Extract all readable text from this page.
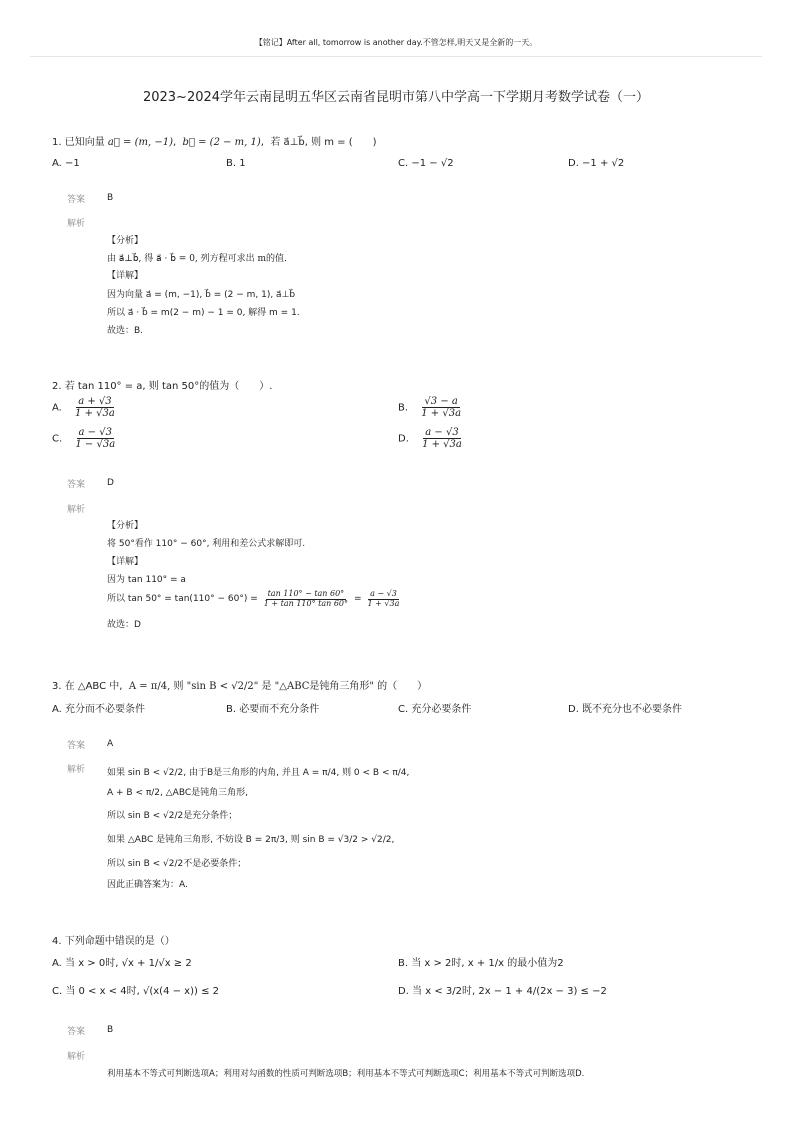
【铭记】After all, tomorrow is another day.不管怎样,明天又是全新的一天。
2023~2024学年云南昆明五华区云南省昆明市第八中学高一下学期月考数学试卷（一）
1. 已知向量 a⃗ = (m, −1),  b⃗ = (2 − m, 1),  若 a⃗⊥b⃗, 则 m = (　　)
A. −1	B. 1	C. −1 − √2	D. −1 + √2
答案 B
解析
【分析】
由 a⃗⊥b⃗, 得 a⃗ · b⃗ = 0, 列方程可求出 m的值.
【详解】
因为向量 a⃗ = (m, −1), b⃗ = (2 − m, 1), a⃗⊥b⃗
所以 a⃗ · b⃗ = m(2 − m) − 1 = 0, 解得 m = 1.
故选：B.
2. 若 tan 110° = a, 则 tan 50°的值为（　　）.
A. $\frac{a + √3}{1 + √3a}$	B. $\frac{√3 - a}{1 + √3a}$
C. $\frac{a - √3}{1 - √3a}$	D. $\frac{a - √3}{1 + √3a}$
答案 D
解析
【分析】
将 50°看作 110° − 60°, 利用和差公式求解即可.
【详解】
因为 tan 110° = a
所以 $\tan 50^\circ = \tan(110^\circ - 60^\circ) = \frac{\tan 110^\circ - \tan 60^\circ}{1 + \tan 110^\circ \tan 60^\circ} = \frac{a - √3}{1 + √3a}$
故选：D
3. 在 △ABC 中, A = π/4, 则 "sin B < √2/2" 是 "△ABC是钝角三角形" 的（　　）
A. 充分而不必要条件	B. 必要而不充分条件	C. 充分必要条件	D. 既不充分也不必要条件
答案 A
解析 如果 sin B < √2/2, 由于B是三角形的内角, 并且 A = π/4, 则 0 < B < π/4,
A + B < π/2, △ABC是钝角三角形,
所以 sin B < √2/2是充分条件；
如果 △ABC 是钝角三角形, 不妨设 B = 2π/3, 则 sin B = √3/2 > √2/2,
所以 sin B < √2/2不是必要条件；
因此正确答案为：A.
4. 下列命题中错误的是（）
A. 当 x > 0时, √x + 1/√x ≥ 2	B. 当 x > 2时, x + 1/x 的最小值为2
C. 当 0 < x < 4时, √(x(4 − x)) ≤ 2	D. 当 x < 3/2时, 2x − 1 + 4/(2x − 3) ≤ −2
答案 B
解析
利用基本不等式可判断选项A；利用对勾函数的性质可判断选项B；利用基本不等式可判断选项C；利用基本不等式可判断选项D.
